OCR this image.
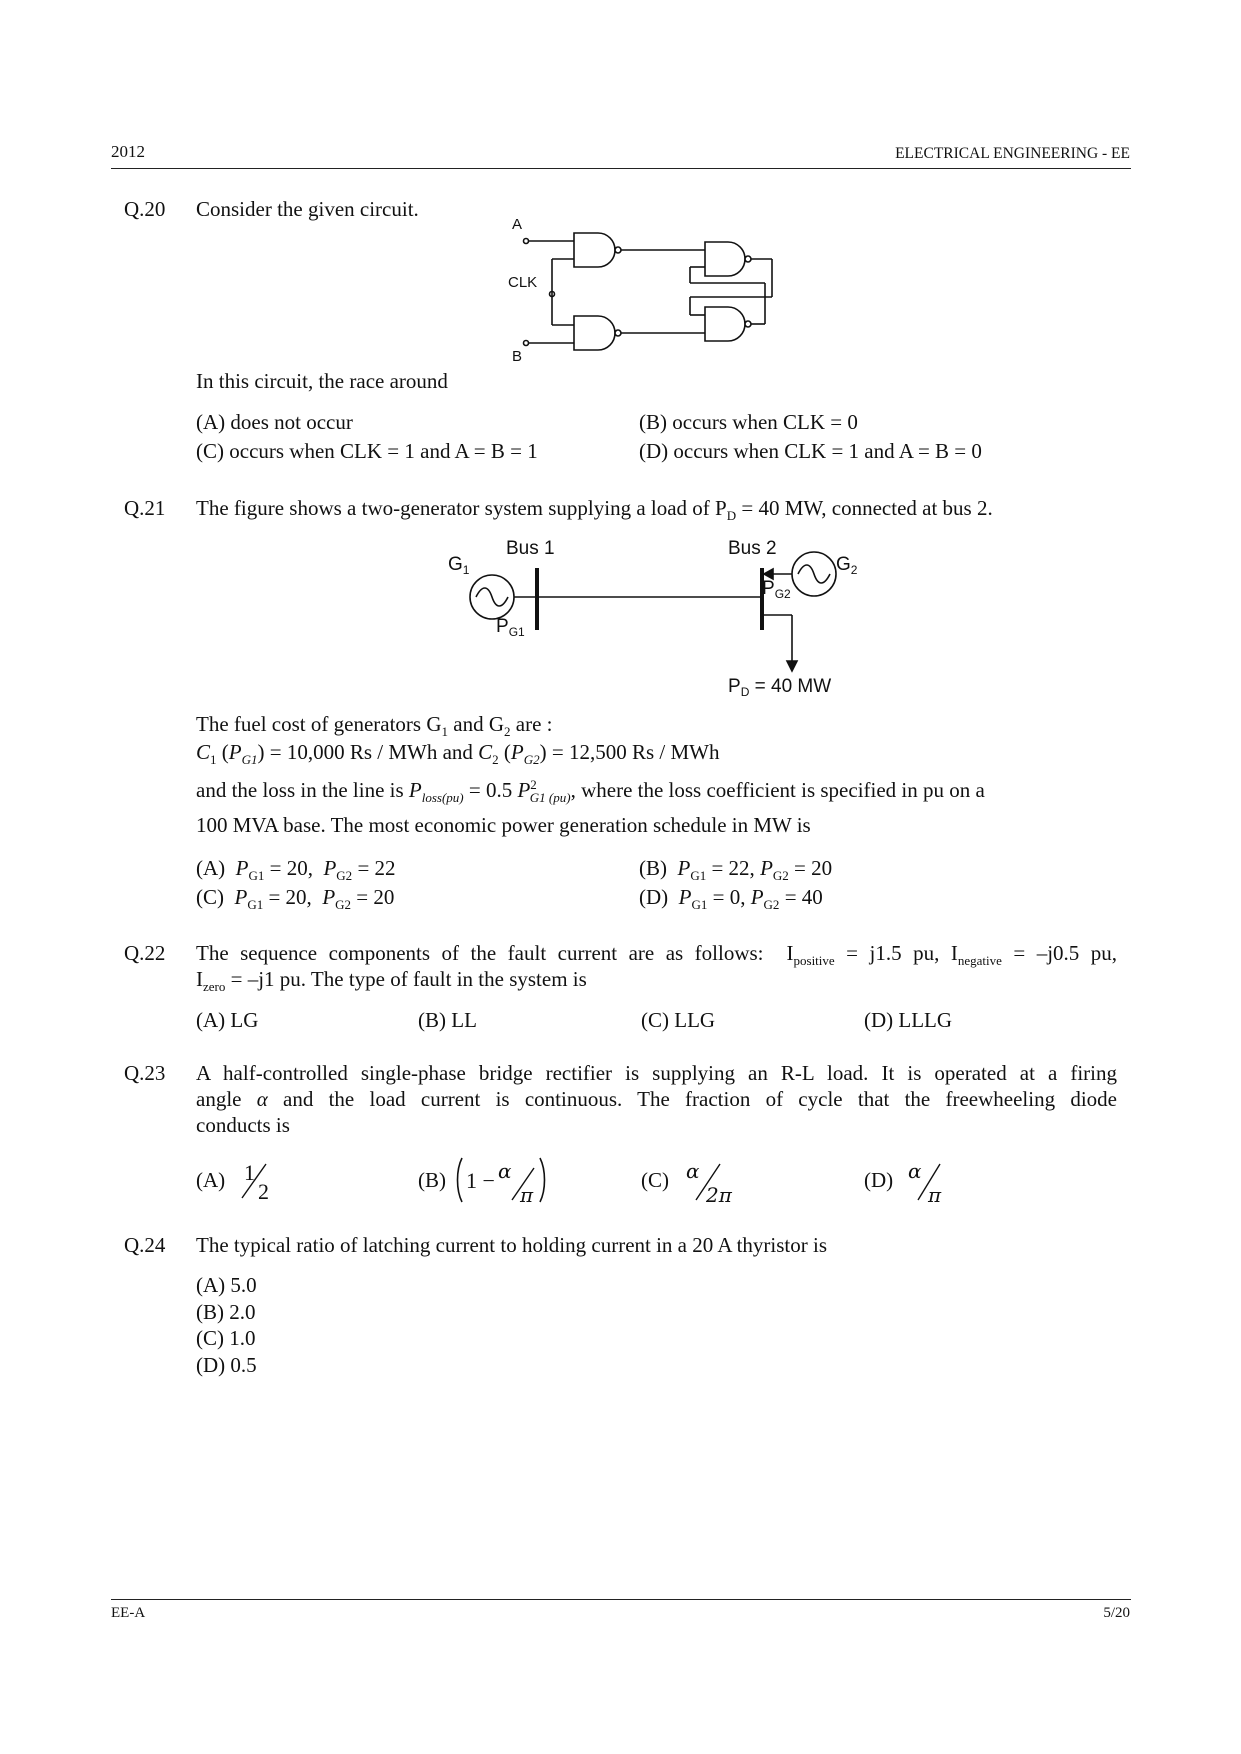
2012	ELECTRICAL ENGINEERING - EE
Q.20 Consider the given circuit.
A
CLK
B
In this circuit, the race around
(A) does not occur	(B) occurs when CLK = 0
(C) occurs when CLK = 1 and A = B = 1	(D) occurs when CLK = 1 and A = B = 0
Q.21 The figure shows a two-generator system supplying a load of $P_D = 40$ MW, connected at bus 2.
Bus 1	Bus 2
$G_1$	$G_2$
$P_{G1}$
$P_{G2}$
$P_D = 40$ MW
The fuel cost of generators $G_1$ and $G_2$ are :
$C_1$ $(P_{G1}) = 10,000$ Rs / MWh and $C_2$ $(P_{G2}) = 12,500$ Rs / MWh
and the loss in the line is $P_{loss(pu)} = 0.5$ $P^2_{G1 (pu)}$, where the loss coefficient is specified in pu on a
100 MVA base. The most economic power generation schedule in MW is
(A) $P_{G1} = 20$, $P_{G2} = 22$	(B) $P_{G1} = 22$, $P_{G2} = 20$
(C) $P_{G1} = 20$, $P_{G2} = 20$	(D) $P_{G1} = 0$, $P_{G2} = 40$
Q.22 The sequence components of the fault current are as follows: $I_{positive} = j1.5$ pu, $I_{negative} = -j0.5$ pu,
$I_{zero} = -j1$ pu. The type of fault in the system is
(A) LG	(B) LL	(C) LLG	(D) LLLG
Q.23 A half-controlled single-phase bridge rectifier is supplying an R-L load. It is operated at a firing
angle α and the load current is continuous. The fraction of cycle that the freewheeling diode
conducts is
(A) 1
2	(B) 1 − α
π
(C) α
2π
(D) α
π
Q.24 The typical ratio of latching current to holding current in a 20 A thyristor is
(A) 5.0
(B) 2.0
(C) 1.0
(D) 0.5
EE-A	5/20
